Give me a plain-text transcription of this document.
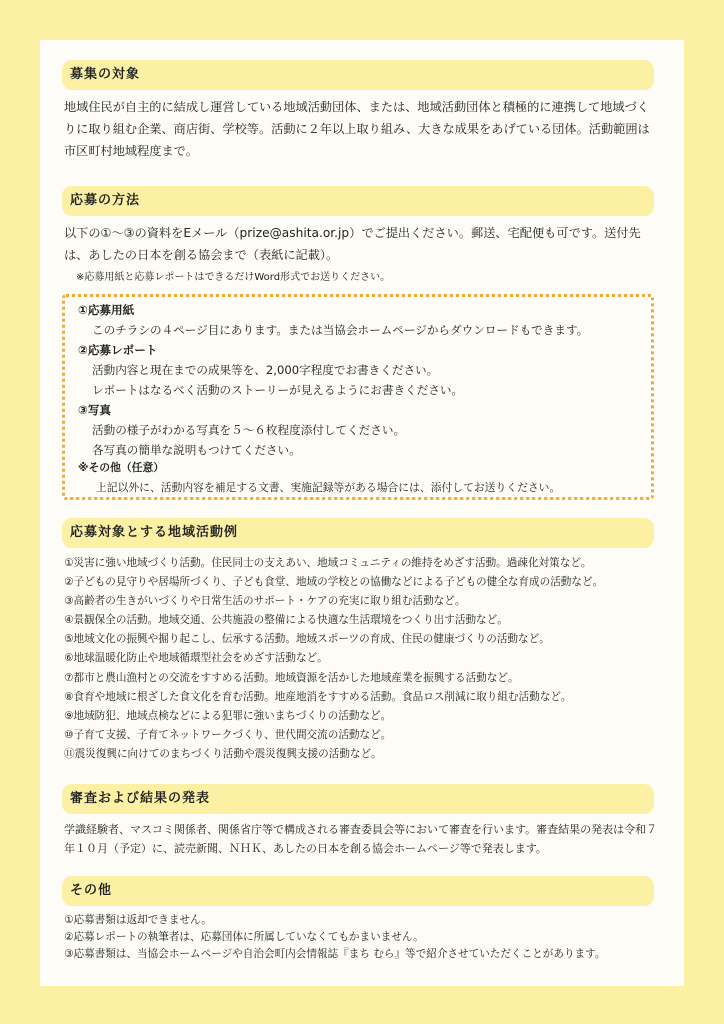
募集の対象

地域住民が自主的に結成し運営している地域活動団体、または、地域活動団体と積極的に連携して地域づくりに取り組む企業、商店街、学校等。活動に２年以上取り組み、大きな成果をあげている団体。活動範囲は市区町村地域程度まで。

応募の方法

以下の①～③の資料をEメール（prize@ashita.or.jp）でご提出ください。郵送、宅配便も可です。送付先は、あしたの日本を創る協会まで（表紙に記載）。

※応募用紙と応募レポートはできるだけWord形式でお送りください。
①応募用紙
このチラシの４ページ目にあります。または当協会ホームページからダウンロードもできます。
②応募レポート
活動内容と現在までの成果等を、2,000字程度でお書きください。
レポートはなるべく活動のストーリーが見えるようにお書きください。
③写真
活動の様子がわかる写真を５～６枚程度添付してください。
各写真の簡単な説明もつけてください。
※その他（任意）
上記以外に、活動内容を補足する文書、実施記録等がある場合には、添付してお送りください。
応募対象とする地域活動例
①災害に強い地域づくり活動。住民同士の支えあい、地域コミュニティの維持をめざす活動。過疎化対策など。
②子どもの見守りや居場所づくり、子ども食堂、地域の学校との協働などによる子どもの健全な育成の活動など。
③高齢者の生きがいづくりや日常生活のサポート・ケアの充実に取り組む活動など。
④景観保全の活動。地域交通、公共施設の整備による快適な生活環境をつくり出す活動など。
⑤地域文化の振興や掘り起こし、伝承する活動。地域スポーツの育成、住民の健康づくりの活動など。
⑥地球温暖化防止や地域循環型社会をめざす活動など。
⑦都市と農山漁村との交流をすすめる活動。地域資源を活かした地域産業を振興する活動など。
⑧食育や地域に根ざした食文化を育む活動。地産地消をすすめる活動。食品ロス削減に取り組む活動など。
⑨地域防犯、地域点検などによる犯罪に強いまちづくりの活動など。
⑩子育て支援、子育てネットワークづくり、世代間交流の活動など。
⑪震災復興に向けてのまちづくり活動や震災復興支援の活動など。
審査および結果の発表

学識経験者、マスコミ関係者、関係省庁等で構成される審査委員会等において審査を行います。審査結果の発表は令和７年１０月（予定）に、読売新聞、ＮＨＫ、あしたの日本を創る協会ホームページ等で発表します。

その他
①応募書類は返却できません。
②応募レポートの執筆者は、応募団体に所属していなくてもかまいません。
③応募書類は、当協会ホームページや自治会町内会情報誌『まち むら』等で紹介させていただくことがあります。
